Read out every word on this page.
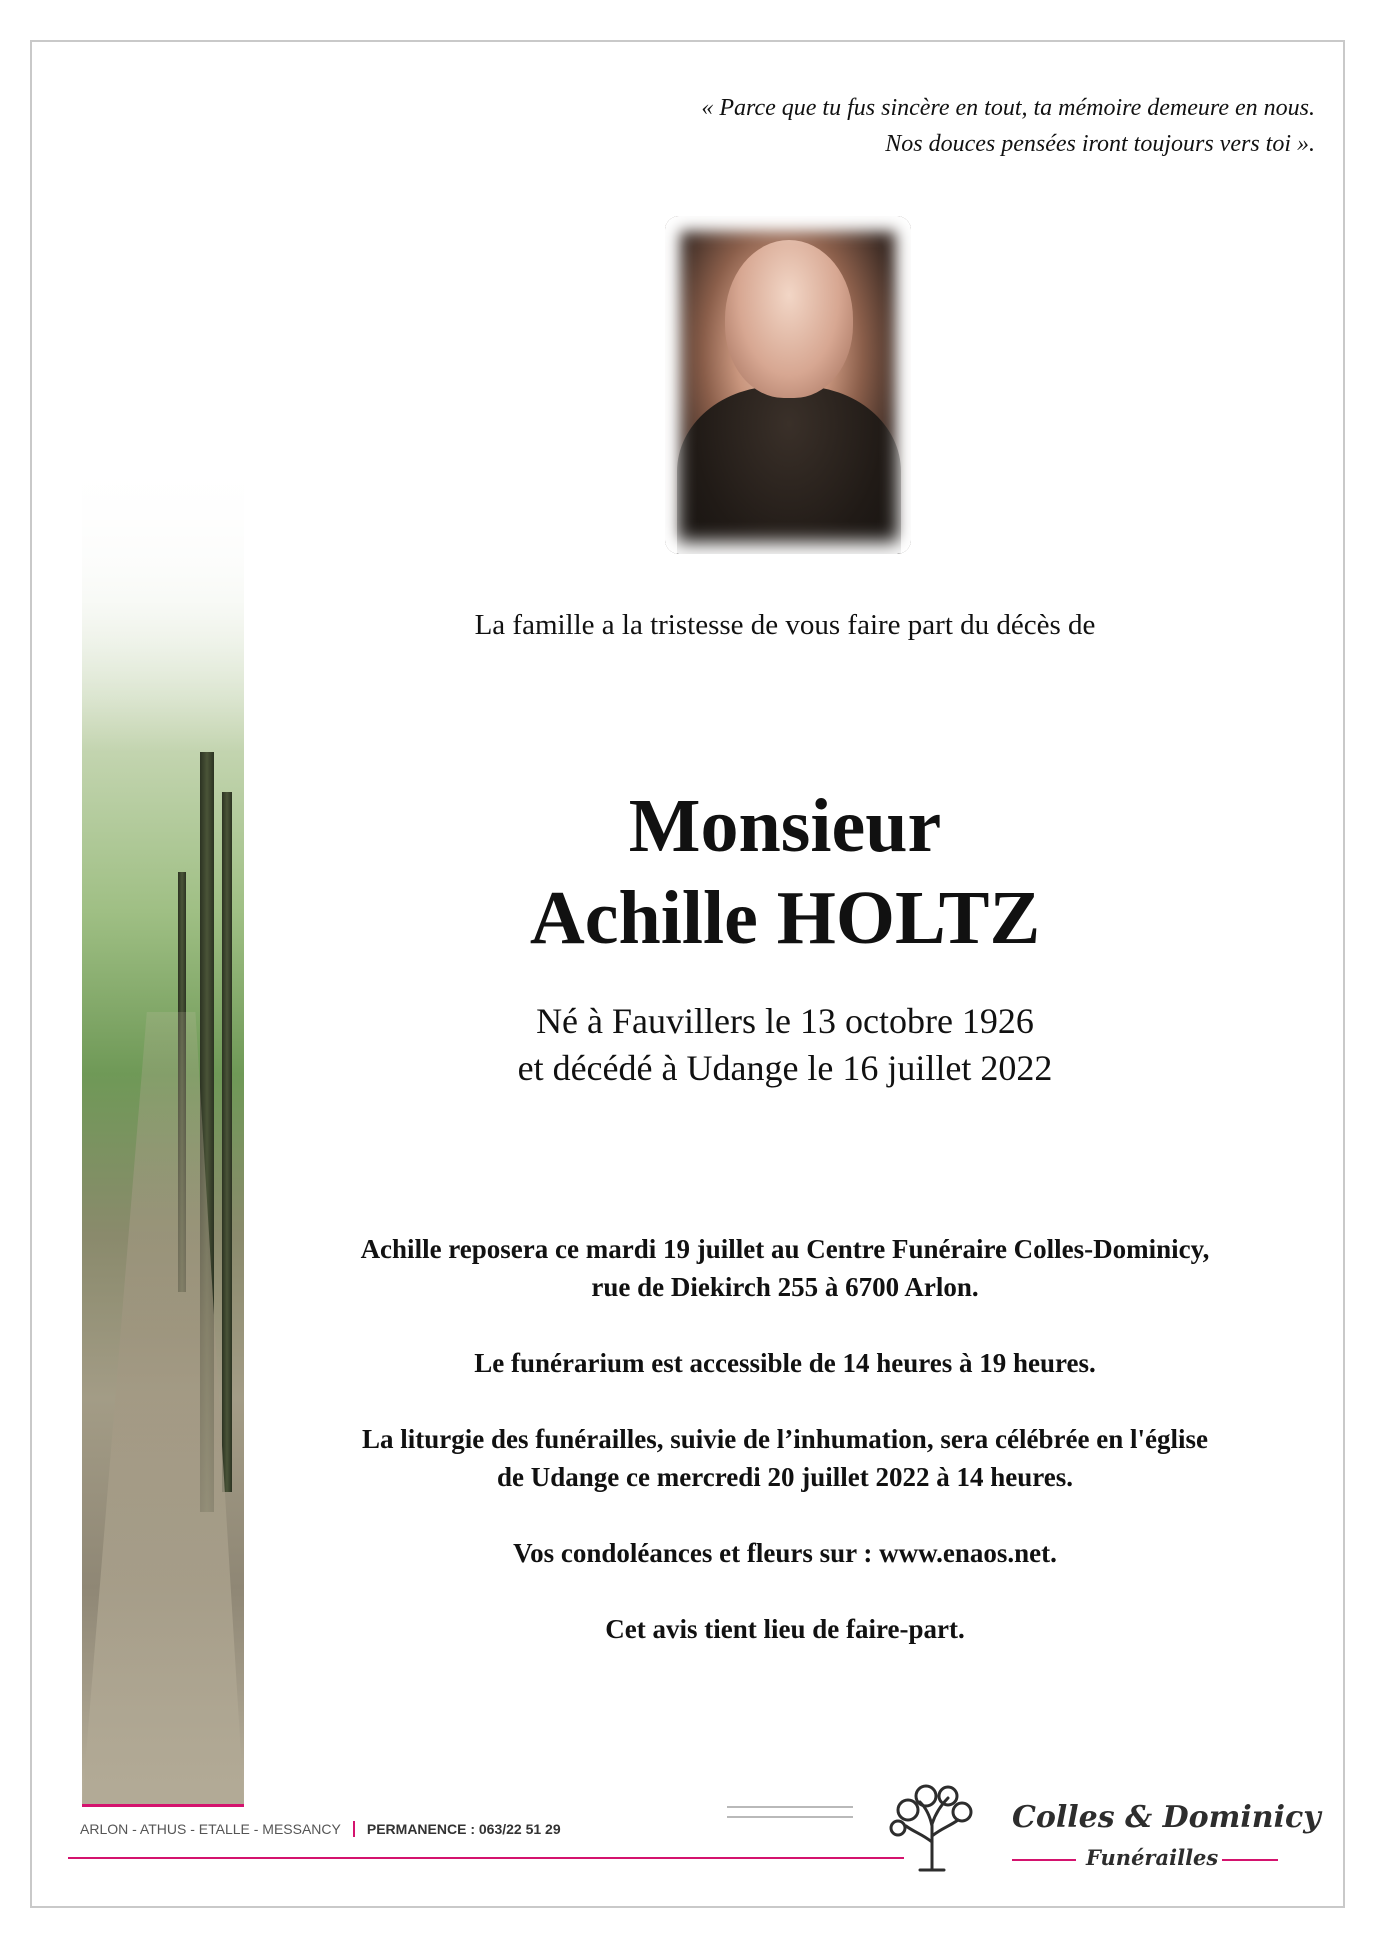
« Parce que tu fus sincère en tout, ta mémoire demeure en nous.
Nos douces pensées iront toujours vers toi ».
La famille a la tristesse de vous faire part du décès de
Monsieur
Achille HOLTZ
Né à Fauvillers le 13 octobre 1926
et décédé à Udange le 16 juillet 2022

Achille reposera ce mardi 19 juillet au Centre Funéraire Colles-Dominicy,
rue de Diekirch 255 à 6700 Arlon.

Le funérarium est accessible de 14 heures à 19 heures.

La liturgie des funérailles, suivie de l’inhumation, sera célébrée en l'église
de Udange ce mercredi 20 juillet 2022 à 14 heures.

Vos condoléances et fleurs sur : www.enaos.net.

Cet avis tient lieu de faire-part.

ARLON - ATHUS - ETALLE - MESSANCY PERMANENCE : 063/22 51 29	Colles & Dominicy
Funérailles
